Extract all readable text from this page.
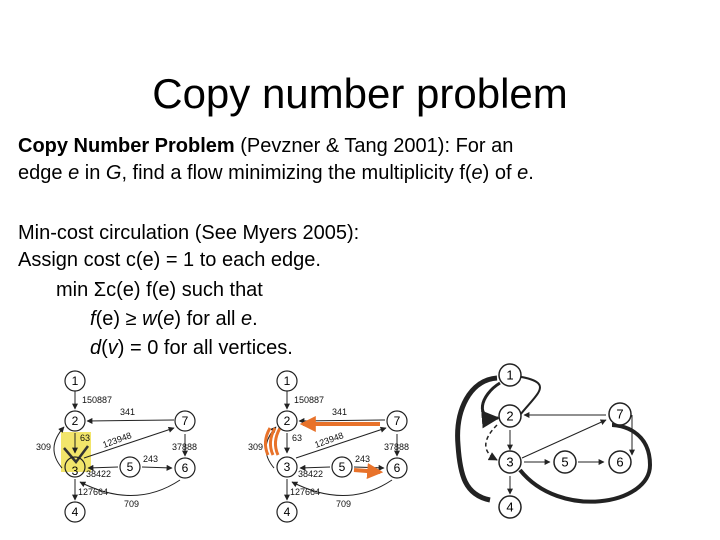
Copy number problem
Copy Number Problem (Pevzner & Tang 2001): For an
edge e in G, find a flow minimizing the multiplicity f(e) of e.
Min-cost circulation (See Myers 2005):
Assign cost c(e) = 1 to each edge.
min Σc(e) f(e) such that
f(e) ≥ w(e) for all e.
d(v) = 0 for all vertices.
150887
341
63 123948	37888
243
38422
127664
709
309
1
2	7
3	5	6
4
150887
341
63 123948	37888
243
38422
127664
709
309
1
2	7
3	5	6
4
1
2	7
3	5	6
4
